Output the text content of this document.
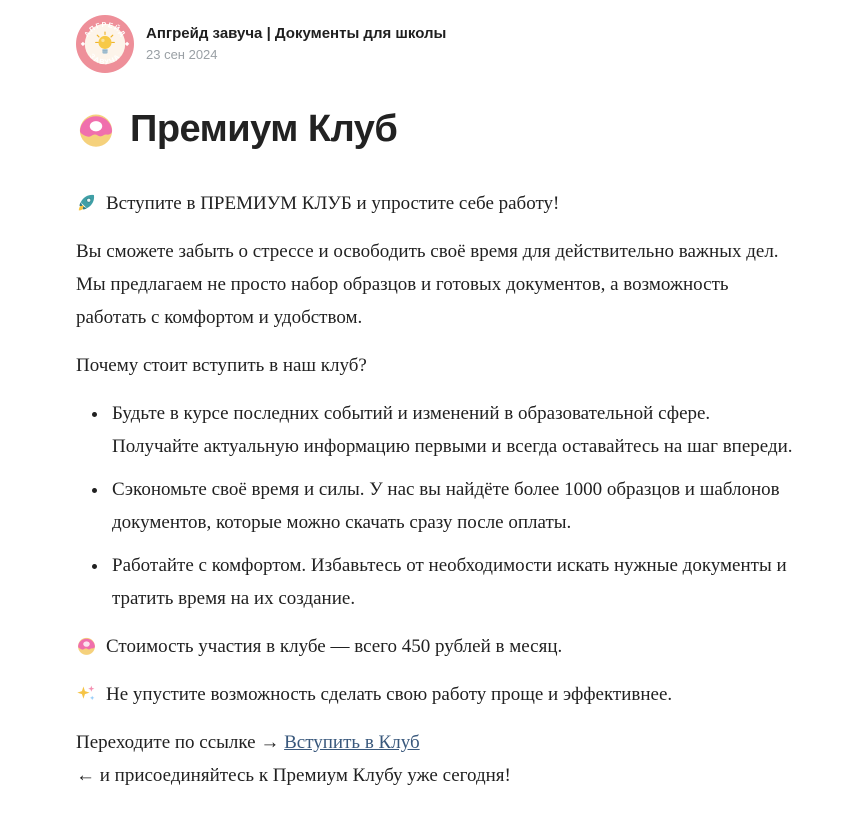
АПГРЕЙД
ЗАВУЧА
Апгрейд завуча | Документы для школы
23 сен 2024
Премиум Клуб

Вступите в ПРЕМИУМ КЛУБ и упростите себе работу!

Вы сможете забыть о стрессе и освободить своё время для действительно важных дел. Мы предлагаем не просто набор образцов и готовых документов, а возможность работать с комфортом и удобством.

Почему стоит вступить в наш клуб?

• Будьте в курсе последних событий и изменений в образовательной сфере. Получайте актуальную информацию первыми и всегда оставайтесь на шаг впереди.
• Сэкономьте своё время и силы. У нас вы найдёте более 1000 образцов и шаблонов документов, которые можно скачать сразу после оплаты.
• Работайте с комфортом. Избавьтесь от необходимости искать нужные документы и тратить время на их создание.

Стоимость участия в клубе — всего 450 рублей в месяц.

Не упустите возможность сделать свою работу проще и эффективнее.

Переходите по ссылке → Вступить в Клуб ← и присоединяйтесь к Премиум Клубу уже сегодня!
